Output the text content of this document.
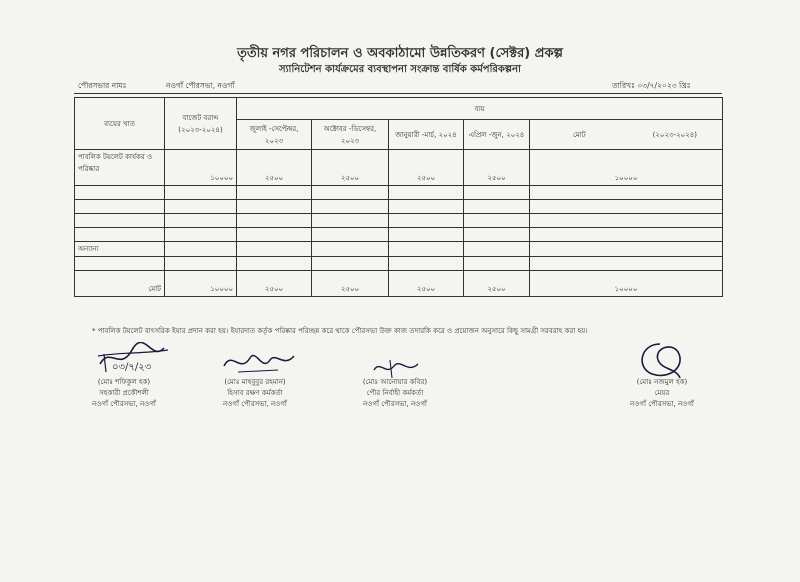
তৃতীয় নগর পরিচালন ও অবকাঠামো উন্নতিকরণ (সেক্টর) প্রকল্প
স্যানিটেশন কার্যক্রমের ব্যবস্থাপনা সংক্রান্ত বার্ষিক কর্মপরিকল্পনা
পৌরসভার নামঃ	নওগাঁ পৌরসভা, নওগাঁ	তারিখঃ ০৩/৭/২০২৩ খ্রিঃ
ব্যয়ের খাত	বাজেট বরাদ্দ (২০২৩-২০২৪)	ব্যয়				
		জুলাই -সেপ্টেম্বর, ২০২৩	অক্টোবর -ডিসেম্বর, ২০২৩	জানুয়ারী -মার্চ, ২০২৪	এপ্রিল -জুন, ২০২৪	মোট (২০২৩-২০২৪)

পাবলিক টয়লেট কার্যকর ও পরিষ্কার	১০০০০	২৫০০	২৫০০	২৫০০	২৫০০	১০০০০

অন্যান্য						

মোট	১০০০০	২৫০০	২৫০০	২৫০০	২৫০০	১০০০০
* পাবলিক টয়লেট বাৎসরিক ইযার প্রদান করা হয়। ইযারদাত কর্তৃক পরিষ্কার পরিচ্ছন্ন করে থাকে পৌরসভা উক্ত কাজ তদারকি করে ও প্রয়োজন অনুসারে কিছু সামগ্রী সরবরাহ করা হয়।
০৩/৭/২৩
(মোঃ শফিকুল হক)
সহকারী প্রকৌশলী
নওগাঁ পৌরসভা, নওগাঁ
(মোঃ মাহবুবুর রহমান)
হিসাব রক্ষণ কর্মকর্তা
নওগাঁ পৌরসভা, নওগাঁ
(মোঃ আনোয়ার কবির)
পৌর নির্বাহী কর্মকর্তা
নওগাঁ পৌরসভা, নওগাঁ
(মোঃ নজমুল হক)
মেয়র
নওগাঁ পৌরসভা, নওগাঁ
